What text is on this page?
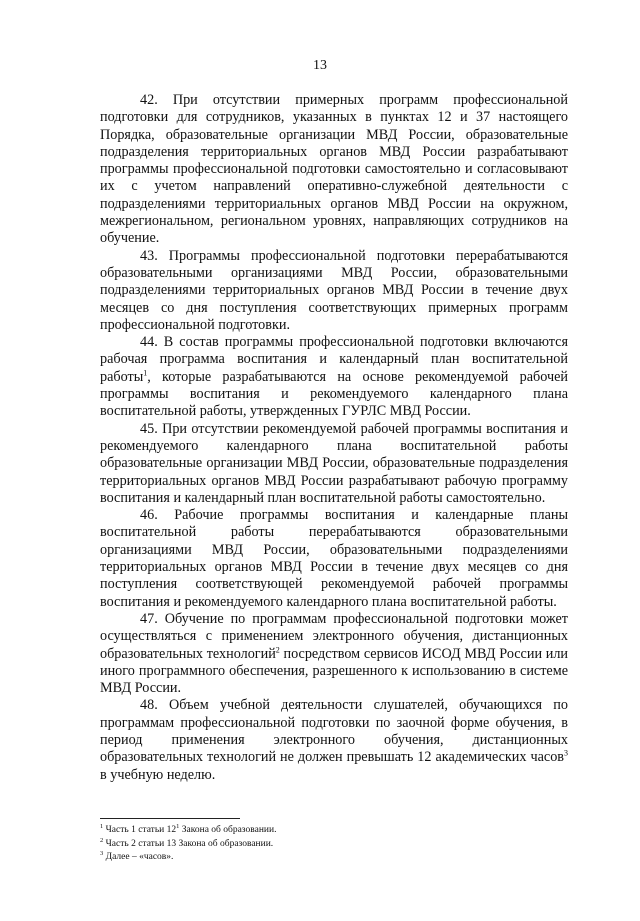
13

42. При отсутствии примерных программ профессиональной подготовки для сотрудников, указанных в пунктах 12 и 37 настоящего Порядка, образовательные организации МВД России, образовательные подразделения территориальных органов МВД России разрабатывают программы профессиональной подготовки самостоятельно и согласовывают их с учетом направлений оперативно-служебной деятельности с подразделениями территориальных органов МВД России на окружном, межрегиональном, региональном уровнях, направляющих сотрудников на обучение.

43. Программы профессиональной подготовки перерабатываются образовательными организациями МВД России, образовательными подразделениями территориальных органов МВД России в течение двух месяцев со дня поступления соответствующих примерных программ профессиональной подготовки.

44. В состав программы профессиональной подготовки включаются рабочая программа воспитания и календарный план воспитательной работы$^1$, которые разрабатываются на основе рекомендуемой рабочей программы воспитания и рекомендуемого календарного плана воспитательной работы, утвержденных ГУРЛС МВД России.

45. При отсутствии рекомендуемой рабочей программы воспитания и рекомендуемого календарного плана воспитательной работы образовательные организации МВД России, образовательные подразделения территориальных органов МВД России разрабатывают рабочую программу воспитания и календарный план воспитательной работы самостоятельно.

46. Рабочие программы воспитания и календарные планы воспитательной работы перерабатываются образовательными организациями МВД России, образовательными подразделениями территориальных органов МВД России в течение двух месяцев со дня поступления соответствующей рекомендуемой рабочей программы воспитания и рекомендуемого календарного плана воспитательной работы.

47. Обучение по программам профессиональной подготовки может осуществляться с применением электронного обучения, дистанционных образовательных технологий$^2$ посредством сервисов ИСОД МВД России или иного программного обеспечения, разрешенного к использованию в системе МВД России.

48. Объем учебной деятельности слушателей, обучающихся по программам профессиональной подготовки по заочной форме обучения, в период применения электронного обучения, дистанционных образовательных технологий не должен превышать 12 академических часов$^3$ в учебную неделю.

$^1$ Часть 1 статьи $12^1$ Закона об образовании.

$^2$ Часть 2 статьи 13 Закона об образовании.

$^3$ Далее – «часов».
